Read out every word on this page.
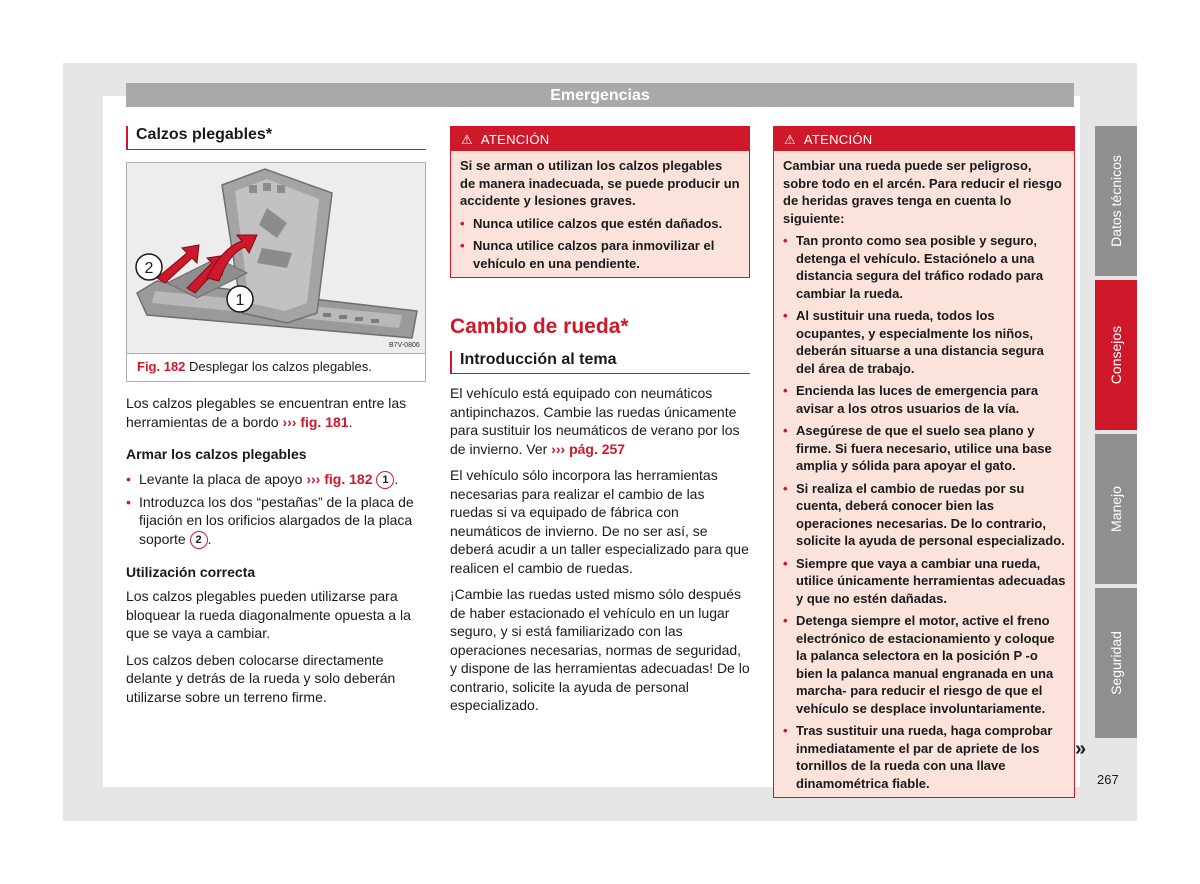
Emergencias
Datos técnicos
Consejos
Manejo
Seguridad
Calzos plegables*
2
1
B7V-0806
Fig. 182 Desplegar los calzos plegables.

Los calzos plegables se encuentran entre las herramientas de a bordo ››› fig. 181.

Armar los calzos plegables

• Levante la placa de apoyo ››› fig. 182 1 .

• Introduzca los dos “pestañas” de la placa de fijación en los orificios alargados de la placa soporte 2 .

Utilización correcta

Los calzos plegables pueden utilizarse para bloquear la rueda diagonalmente opuesta a la que se vaya a cambiar.

Los calzos deben colocarse directamente delante y detrás de la rueda y solo deberán utilizarse sobre un terreno firme.

⚠ ATENCIÓN

Si se arman o utilizan los calzos plegables de manera inadecuada, se puede producir un accidente y lesiones graves.

• Nunca utilice calzos que estén dañados.

• Nunca utilice calzos para inmovilizar el vehículo en una pendiente.

Cambio de rueda*
Introducción al tema

El vehículo está equipado con neumáticos antipinchazos. Cambie las ruedas únicamente para sustituir los neumáticos de verano por los de invierno. Ver ››› pág. 257

El vehículo sólo incorpora las herramientas necesarias para realizar el cambio de las ruedas si va equipado de fábrica con neumáticos de invierno. De no ser así, se deberá acudir a un taller especializado para que realicen el cambio de ruedas.

¡Cambie las ruedas usted mismo sólo después de haber estacionado el vehículo en un lugar seguro, y si está familiarizado con las operaciones necesarias, normas de seguridad, y dispone de las herramientas adecuadas! De lo contrario, solicite la ayuda de personal especializado.

⚠ ATENCIÓN

Cambiar una rueda puede ser peligroso, sobre todo en el arcén. Para reducir el riesgo de heridas graves tenga en cuenta lo siguiente:

• Tan pronto como sea posible y seguro, detenga el vehículo. Estaciónelo a una distancia segura del tráfico rodado para cambiar la rueda.

• Al sustituir una rueda, todos los ocupantes, y especialmente los niños, deberán situarse a una distancia segura del área de trabajo.

• Encienda las luces de emergencia para avisar a los otros usuarios de la vía.

• Asegúrese de que el suelo sea plano y firme. Si fuera necesario, utilice una base amplia y sólida para apoyar el gato.

• Si realiza el cambio de ruedas por su cuenta, deberá conocer bien las operaciones necesarias. De lo contrario, solicite la ayuda de personal especializado.

• Siempre que vaya a cambiar una rueda, utilice únicamente herramientas adecuadas y que no estén dañadas.

• Detenga siempre el motor, active el freno electrónico de estacionamiento y coloque la palanca selectora en la posición P -o bien la palanca manual engranada en una marcha- para reducir el riesgo de que el vehículo se desplace involuntariamente.

• Tras sustituir una rueda, haga comprobar inmediatamente el par de apriete de los tornillos de la rueda con una llave dinamométrica fiable.

»
267
